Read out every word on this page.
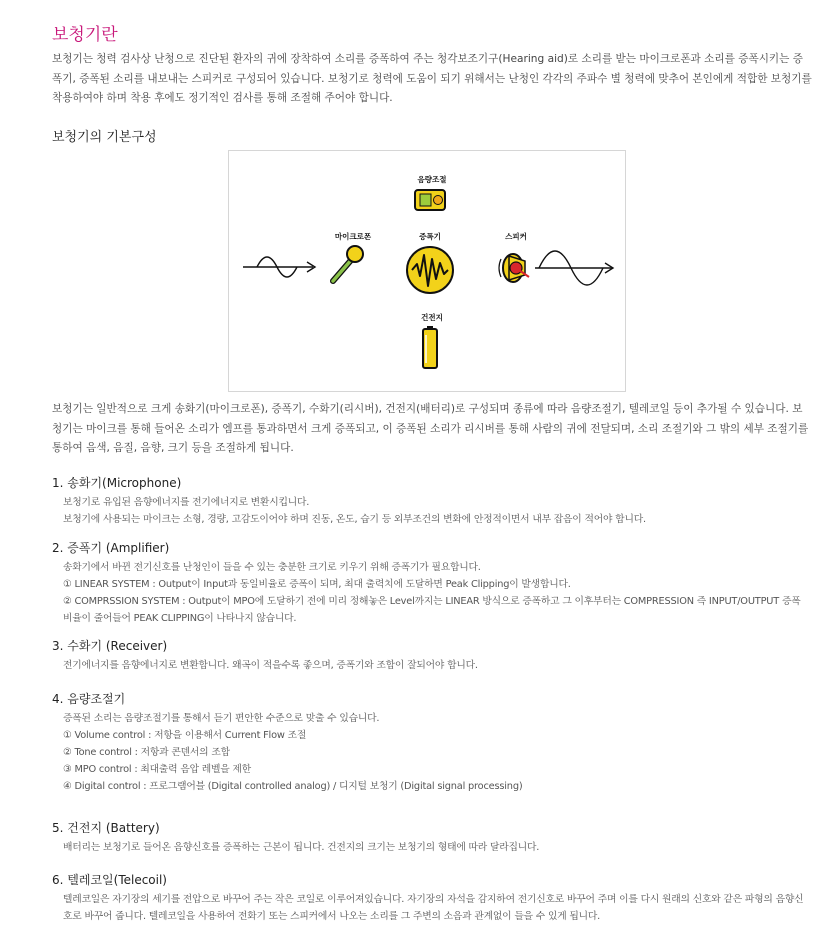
보청기란

보청기는 청력 검사상 난청으로 진단된 환자의 귀에 장착하여 소리를 증폭하여 주는 청각보조기구(Hearing aid)로 소리를 받는 마이크로폰과 소리를 증폭시키는 증폭기, 증폭된 소리를 내보내는 스피커로 구성되어 있습니다. 보청기로 청력에 도움이 되기 위해서는 난청인 각각의 주파수 별 청력에 맞추어 본인에게 적합한 보청기를 착용하여야 하며 착용 후에도 정기적인 검사를 통해 조절해 주어야 합니다.

보청기의 기본구성
음량조절
마이크로폰	증폭기	스피커
건전지

보청기는 일반적으로 크게 송화기(마이크로폰), 증폭기, 수화기(리시버), 건전지(배터리)로 구성되며 종류에 따라 음량조절기, 텔레코일 등이 추가될 수 있습니다. 보청기는 마이크를 통해 들어온 소리가 엠프를 통과하면서 크게 증폭되고, 이 증폭된 소리가 리시버를 통해 사람의 귀에 전달되며, 소리 조절기와 그 밖의 세부 조절기를 통하여 음색, 음질, 음향, 크기 등을 조절하게 됩니다.

1. 송화기(Microphone)
보청기로 유입된 음향에너지를 전기에너지로 변환시킵니다.
보청기에 사용되는 마이크는 소형, 경량, 고감도이어야 하며 진동, 온도, 습기 등 외부조건의 변화에 안정적이면서 내부 잡음이 적어야 합니다.
2. 증폭기 (Amplifier)
송화기에서 바뀐 전기신호를 난청인이 들을 수 있는 충분한 크기로 키우기 위해 증폭기가 필요합니다.
① LINEAR SYSTEM : Output이 Input과 동일비율로 증폭이 되며, 최대 출력치에 도달하면 Peak Clipping이 발생합니다.
② COMPRSSION SYSTEM : Output이 MPO에 도달하기 전에 미리 정해놓은 Level까지는 LINEAR 방식으로 증폭하고 그 이후부터는 COMPRESSION 즉 INPUT/OUTPUT 증폭 비율이 줄어들어 PEAK CLIPPING이 나타나지 않습니다.
3. 수화기 (Receiver)
전기에너지를 음향에너지로 변환합니다. 왜곡이 적을수록 좋으며, 증폭기와 조합이 잘되어야 합니다.
4. 음량조절기
증폭된 소리는 음량조절기를 통해서 듣기 편안한 수준으로 맞출 수 있습니다.
① Volume control : 저항을 이용해서 Current Flow 조절
② Tone control : 저항과 콘덴서의 조합
③ MPO control : 최대출력 음압 레벨을 제한
④ Digital control : 프로그램어블 (Digital controlled analog) / 디지털 보청기 (Digital signal processing)
5. 건전지 (Battery)
배터리는 보청기로 들어온 음향신호를 증폭하는 근본이 됩니다. 건전지의 크기는 보청기의 형태에 따라 달라집니다.
6. 텔레코일(Telecoil)
텔레코일은 자기장의 세기를 전압으로 바꾸어 주는 작은 코일로 이루어져있습니다. 자기장의 자석을 감지하여 전기신호로 바꾸어 주며 이를 다시 원래의 신호와 같은 파형의 음향신호로 바꾸어 줍니다. 텔레코일을 사용하여 전화기 또는 스피커에서 나오는 소리를 그 주변의 소음과 관계없이 들을 수 있게 됩니다.
